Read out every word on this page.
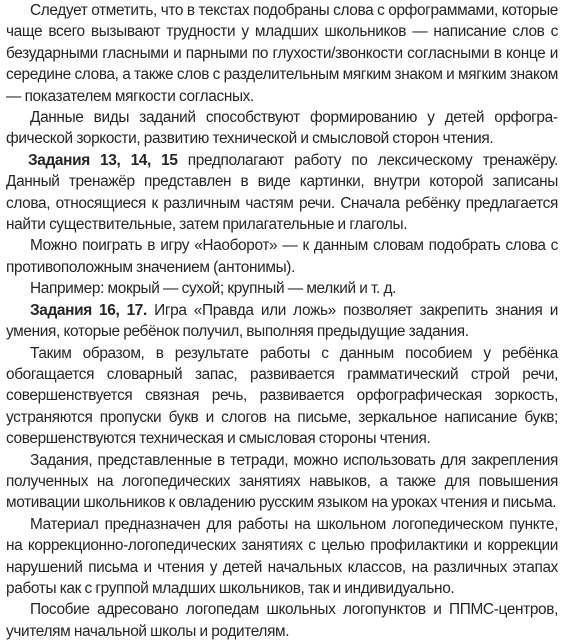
Следует отметить, что в текстах подобраны слова с орфограммами, которые чаще всего вызывают трудности у младших школьников — написание слов с безударными гласными и парными по глухости/звонкости согласными в конце и середине слова, а также слов с разделительным мягким знаком и мягким знаком — показателем мягкости согласных.

Данные виды заданий способствуют формированию у детей орфографической зоркости, развитию технической и смысловой сторон чтения.

Задания 13, 14, 15 предполагают работу по лексическому тренажёру. Данный тренажёр представлен в виде картинки, внутри которой записаны слова, относящиеся к различным частям речи. Сначала ребёнку предлагается найти существительные, затем прилагательные и глаголы.

Можно поиграть в игру «Наоборот» — к данным словам подобрать слова с противоположным значением (антонимы).

Например: мокрый — сухой; крупный — мелкий и т. д.

Задания 16, 17. Игра «Правда или ложь» позволяет закрепить знания и умения, которые ребёнок получил, выполняя предыдущие задания.

Таким образом, в результате работы с данным пособием у ребёнка обогащается словарный запас, развивается грамматический строй речи, совершенствуется связная речь, развивается орфографическая зоркость, устраняются пропуски букв и слогов на письме, зеркальное написание букв; совершенствуются техническая и смысловая стороны чтения.

Задания, представленные в тетради, можно использовать для закрепления полученных на логопедических занятиях навыков, а также для повышения мотивации школьников к овладению русским языком на уроках чтения и письма.

Материал предназначен для работы на школьном логопедическом пункте, на коррекционно-логопедических занятиях с целью профилактики и коррекции нарушений письма и чтения у детей начальных классов, на различных этапах работы как с группой младших школьников, так и индивидуально.

Пособие адресовано логопедам школьных логопунктов и ППМС-центров, учителям начальной школы и родителям.
